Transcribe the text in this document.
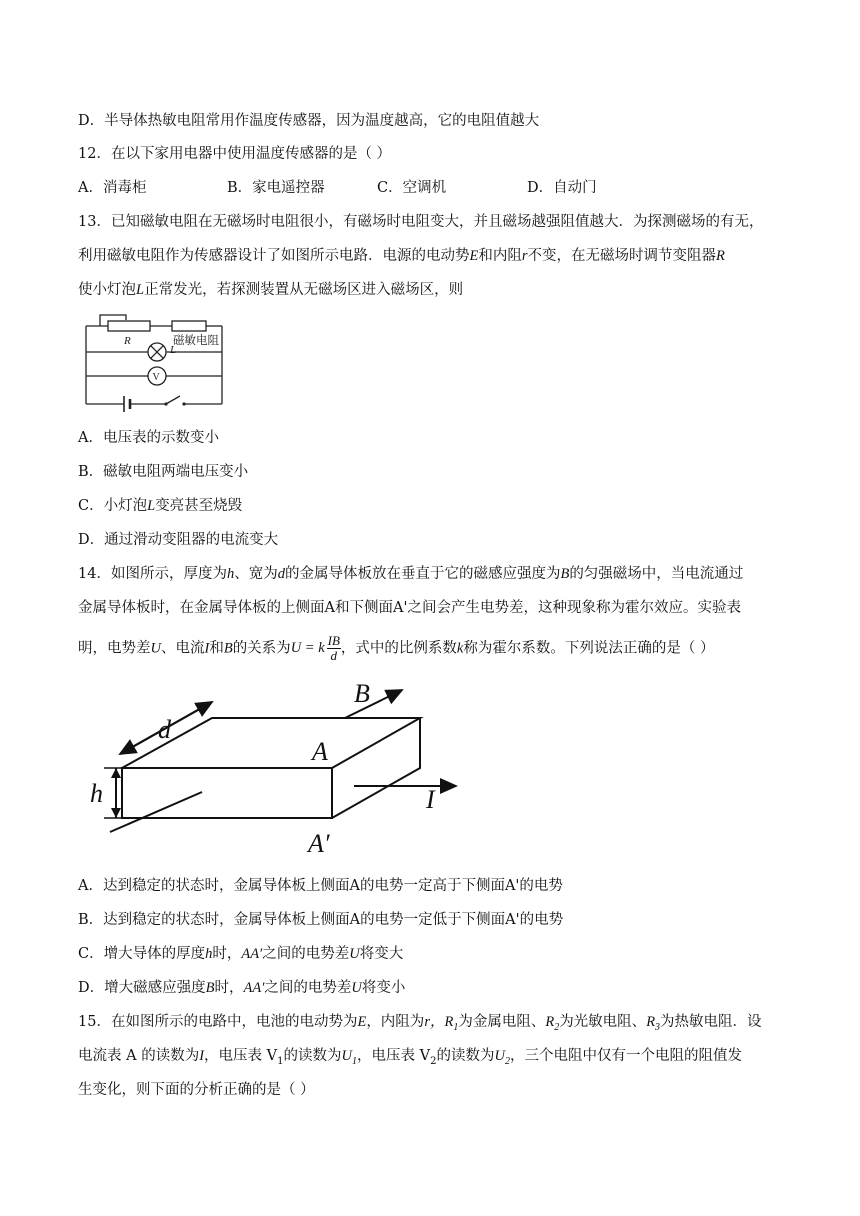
D．半导体热敏电阻常用作温度传感器，因为温度越高，它的电阻值越大
12．在以下家用电器中使用温度传感器的是（ ）
A．消毒柜	B．家电遥控器	C．空调机	D．自动门
13．已知磁敏电阻在无磁场时电阻很小，有磁场时电阻变大，并且磁场越强阻值越大．为探测磁场的有无，
利用磁敏电阻作为传感器设计了如图所示电路．电源的电动势E和内阻r不变，在无磁场时调节变阻器R
使小灯泡L正常发光，若探测装置从无磁场区进入磁场区，则
R	磁敏电阻
L
V
A．电压表的示数变小
B．磁敏电阻两端电压变小
C．小灯泡L变亮甚至烧毁
D．通过滑动变阻器的电流变大
14．如图所示，厚度为h、宽为d的金属导体板放在垂直于它的磁感应强度为B的匀强磁场中，当电流通过
金属导体板时，在金属导体板的上侧面A和下侧面A'之间会产生电势差，这种现象称为霍尔效应。实验表
明，电势差U、电流I和B的关系为U = k $\frac{IB}{d}$ ，式中的比例系数k称为霍尔系数。下列说法正确的是（ ）
B
d
A
h	I
A′
A．达到稳定的状态时，金属导体板上侧面A的电势一定高于下侧面A'的电势
B．达到稳定的状态时，金属导体板上侧面A的电势一定低于下侧面A'的电势
C．增大导体的厚度h时，AA′之间的电势差U将变大
D．增大磁感应强度B时，AA′之间的电势差U将变小
15．在如图所示的电路中，电池的电动势为E，内阻为r，$R_1$为金属电阻、$R_2$为光敏电阻、$R_3$为热敏电阻．设
电流表 A 的读数为I，电压表 $V_1$的读数为$U_1$，电压表 $V_2$的读数为$U_2$，三个电阻中仅有一个电阻的阻值发
生变化，则下面的分析正确的是（ ）
